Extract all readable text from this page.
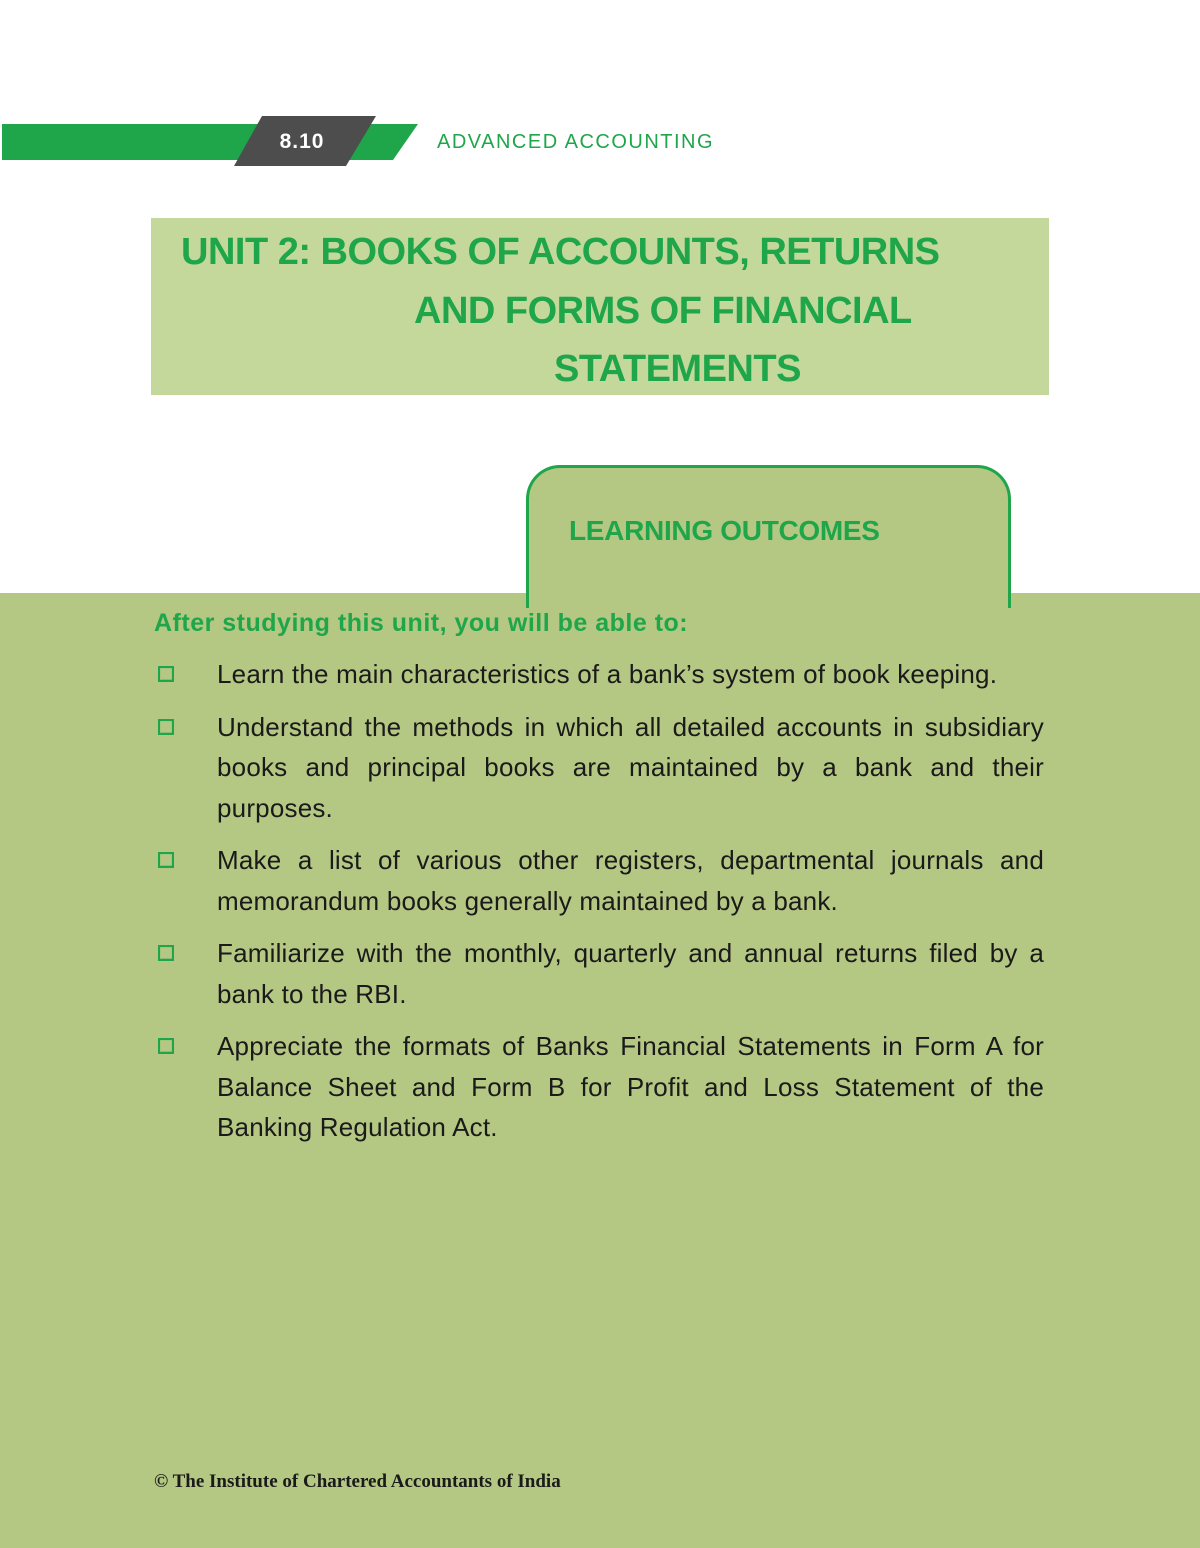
8.10	ADVANCED ACCOUNTING
UNIT 2: BOOKS OF ACCOUNTS, RETURNS
AND FORMS OF FINANCIAL
STATEMENTS
LEARNING OUTCOMES
After studying this unit, you will be able to:
Learn the main characteristics of a bank’s system of book keeping.
Understand the methods in which all detailed accounts in subsidiary books and principal books are maintained by a bank and their purposes.
Make a list of various other registers, departmental journals and memorandum books generally maintained by a bank.
Familiarize with the monthly, quarterly and annual returns filed by a bank to the RBI.
Appreciate the formats of Banks Financial Statements in Form A for Balance Sheet and Form B for Profit and Loss Statement of the Banking Regulation Act.
© The Institute of Chartered Accountants of India
